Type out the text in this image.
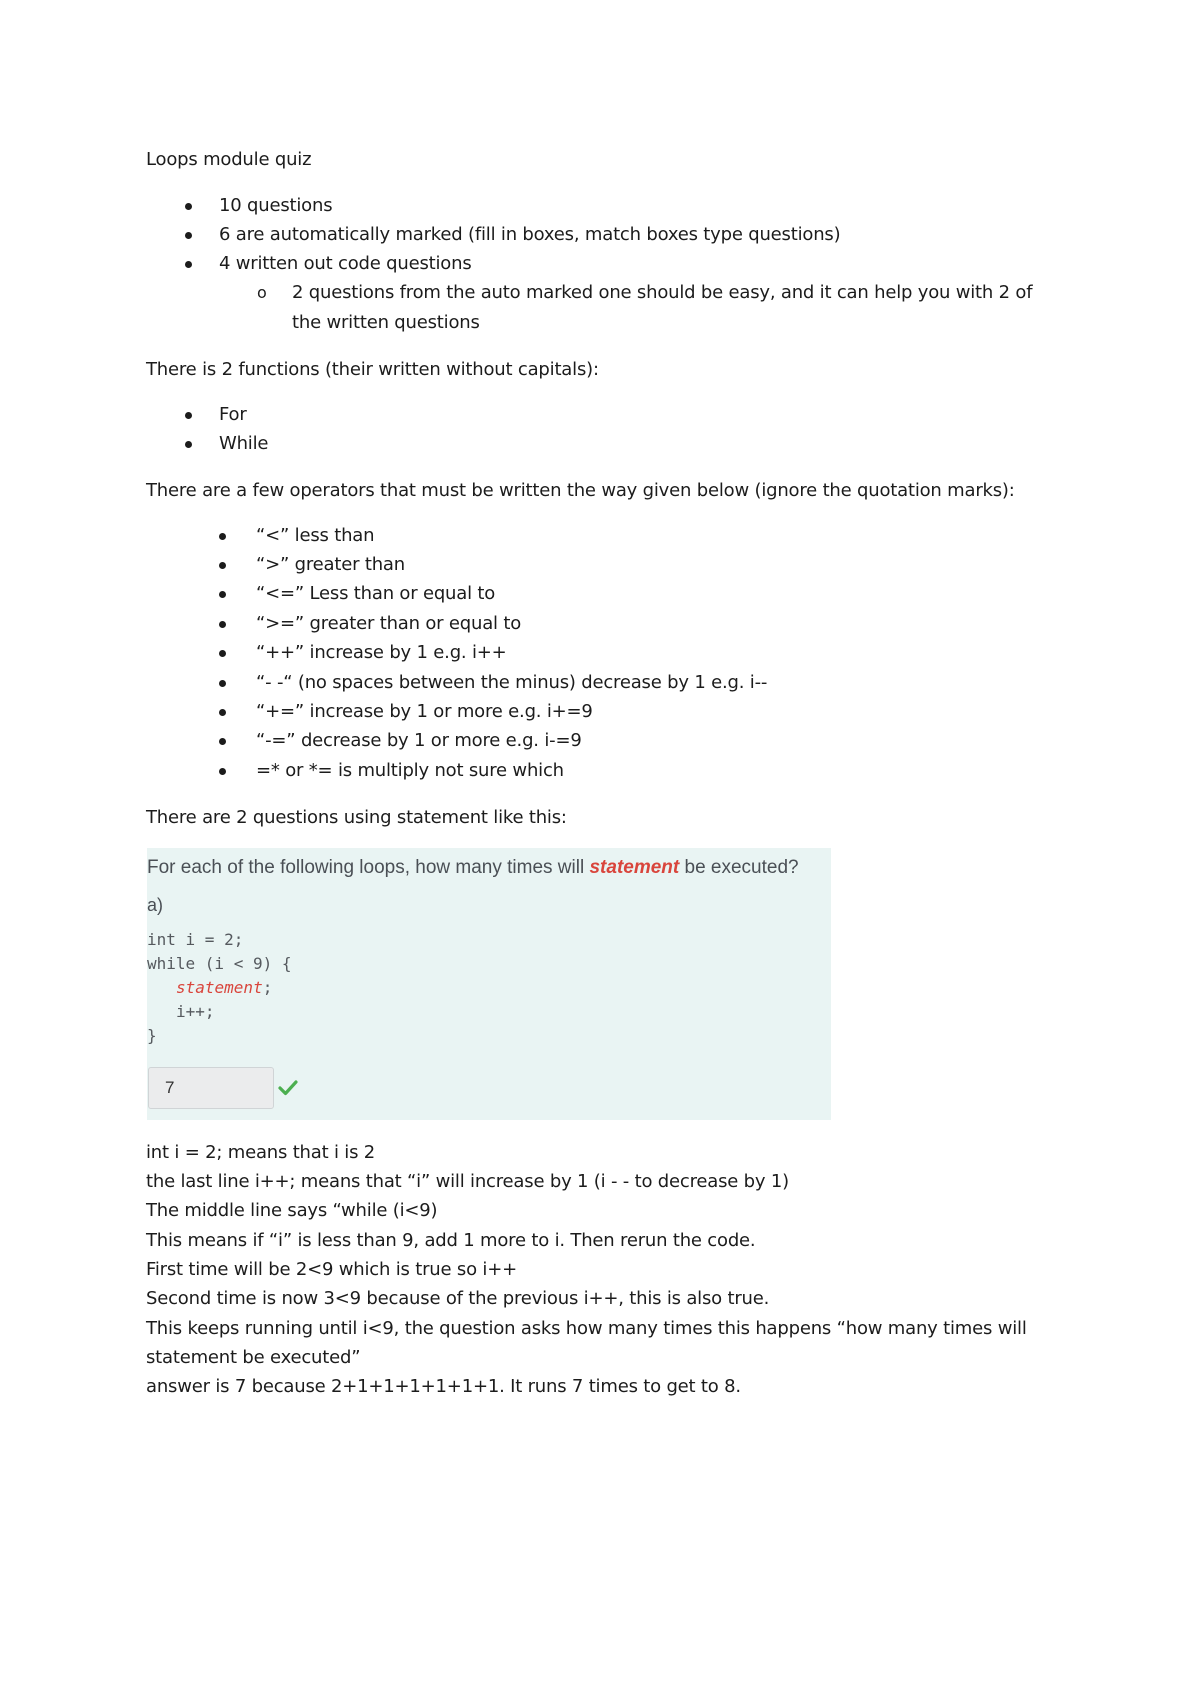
Loops module quiz
10 questions
6 are automatically marked (fill in boxes, match boxes type questions)
4 written out code questions
o 2 questions from the auto marked one should be easy, and it can help you with 2 of
the written questions
There is 2 functions (their written without capitals):
For
While
There are a few operators that must be written the way given below (ignore the quotation marks):
“<” less than
“>” greater than
“<=” Less than or equal to
“>=” greater than or equal to
“++” increase by 1 e.g. i++
“- -“ (no spaces between the minus) decrease by 1 e.g. i--
“+=” increase by 1 or more e.g. i+=9
“-=” decrease by 1 or more e.g. i-=9
=* or *= is multiply not sure which
There are 2 questions using statement like this:
For each of the following loops, how many times will statement be executed?
a)
int i = 2;
while (i < 9) {
statement;
i++;
}
7
int i = 2; means that i is 2
the last line i++; means that “i” will increase by 1 (i - - to decrease by 1)
The middle line says “while (i<9)
This means if “i” is less than 9, add 1 more to i. Then rerun the code.
First time will be 2<9 which is true so i++
Second time is now 3<9 because of the previous i++, this is also true.
This keeps running until i<9, the question asks how many times this happens “how many times will
statement be executed”
answer is 7 because 2+1+1+1+1+1+1. It runs 7 times to get to 8.
